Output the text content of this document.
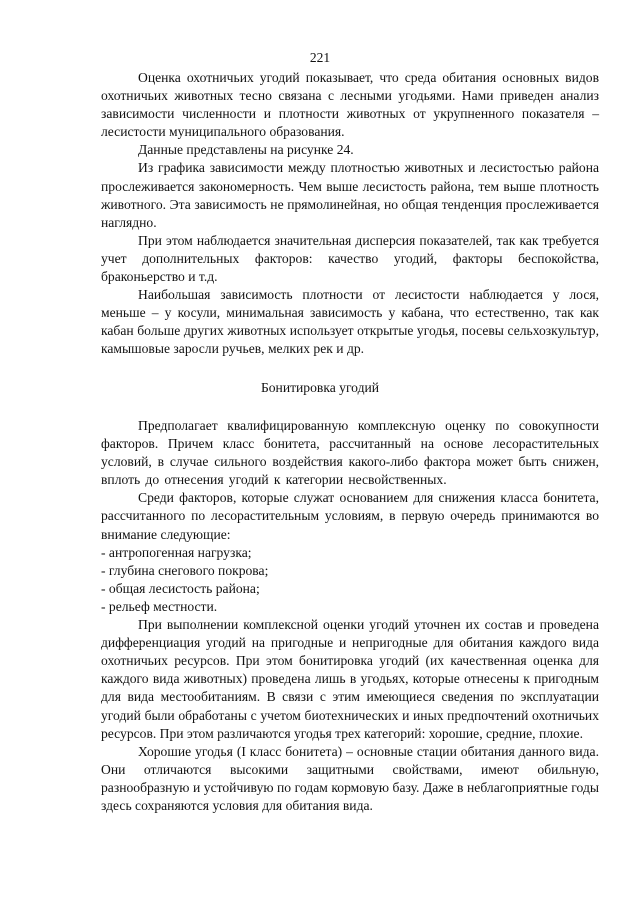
221

Оценка охотничьих угодий показывает, что среда обитания основных видов охотничьих животных тесно связана с лесными угодьями. Нами приведен анализ зависимости численности и плотности животных от укрупненного показателя – лесистости муниципального образования.

Данные представлены на рисунке 24.

Из графика зависимости между плотностью животных и лесистостью района прослеживается закономерность. Чем выше лесистость района, тем выше плотность животного. Эта зависимость не прямолинейная, но общая тенденция прослеживается наглядно.

При этом наблюдается значительная дисперсия показателей, так как требуется учет дополнительных факторов: качество угодий, факторы беспокойства, браконьерство и т.д.

Наибольшая зависимость плотности от лесистости наблюдается у лося, меньше – у косули, минимальная зависимость у кабана, что естественно, так как кабан больше других животных использует открытые угодья, посевы сельхозкультур, камышовые заросли ручьев, мелких рек и др.

Бонитировка угодий

Предполагает квалифицированную комплексную оценку по совокупности факторов. Причем класс бонитета, рассчитанный на основе лесорастительных условий, в случае сильного воздействия какого-либо фактора может быть снижен, вплоть до отнесения угодий к категории несвойственных.

Среди факторов, которые служат основанием для снижения класса бонитета, рассчитанного по лесорастительным условиям, в первую очередь принимаются во внимание следующие:

- антропогенная нагрузка;

- глубина снегового покрова;

- общая лесистость района;

- рельеф местности.

При выполнении комплексной оценки угодий уточнен их состав и проведена дифференциация угодий на пригодные и непригодные для обитания каждого вида охотничьих ресурсов. При этом бонитировка угодий (их качественная оценка для каждого вида животных) проведена лишь в угодьях, которые отнесены к пригодным для вида местообитаниям. В связи с этим имеющиеся сведения по эксплуатации угодий были обработаны с учетом биотехнических и иных предпочтений охотничьих ресурсов. При этом различаются угодья трех категорий: хорошие, средние, плохие.

Хорошие угодья (I класс бонитета) – основные стации обитания данного вида. Они отличаются высокими защитными свойствами, имеют обильную, разнообразную и устойчивую по годам кормовую базу. Даже в неблагоприятные годы здесь сохраняются условия для обитания вида.
